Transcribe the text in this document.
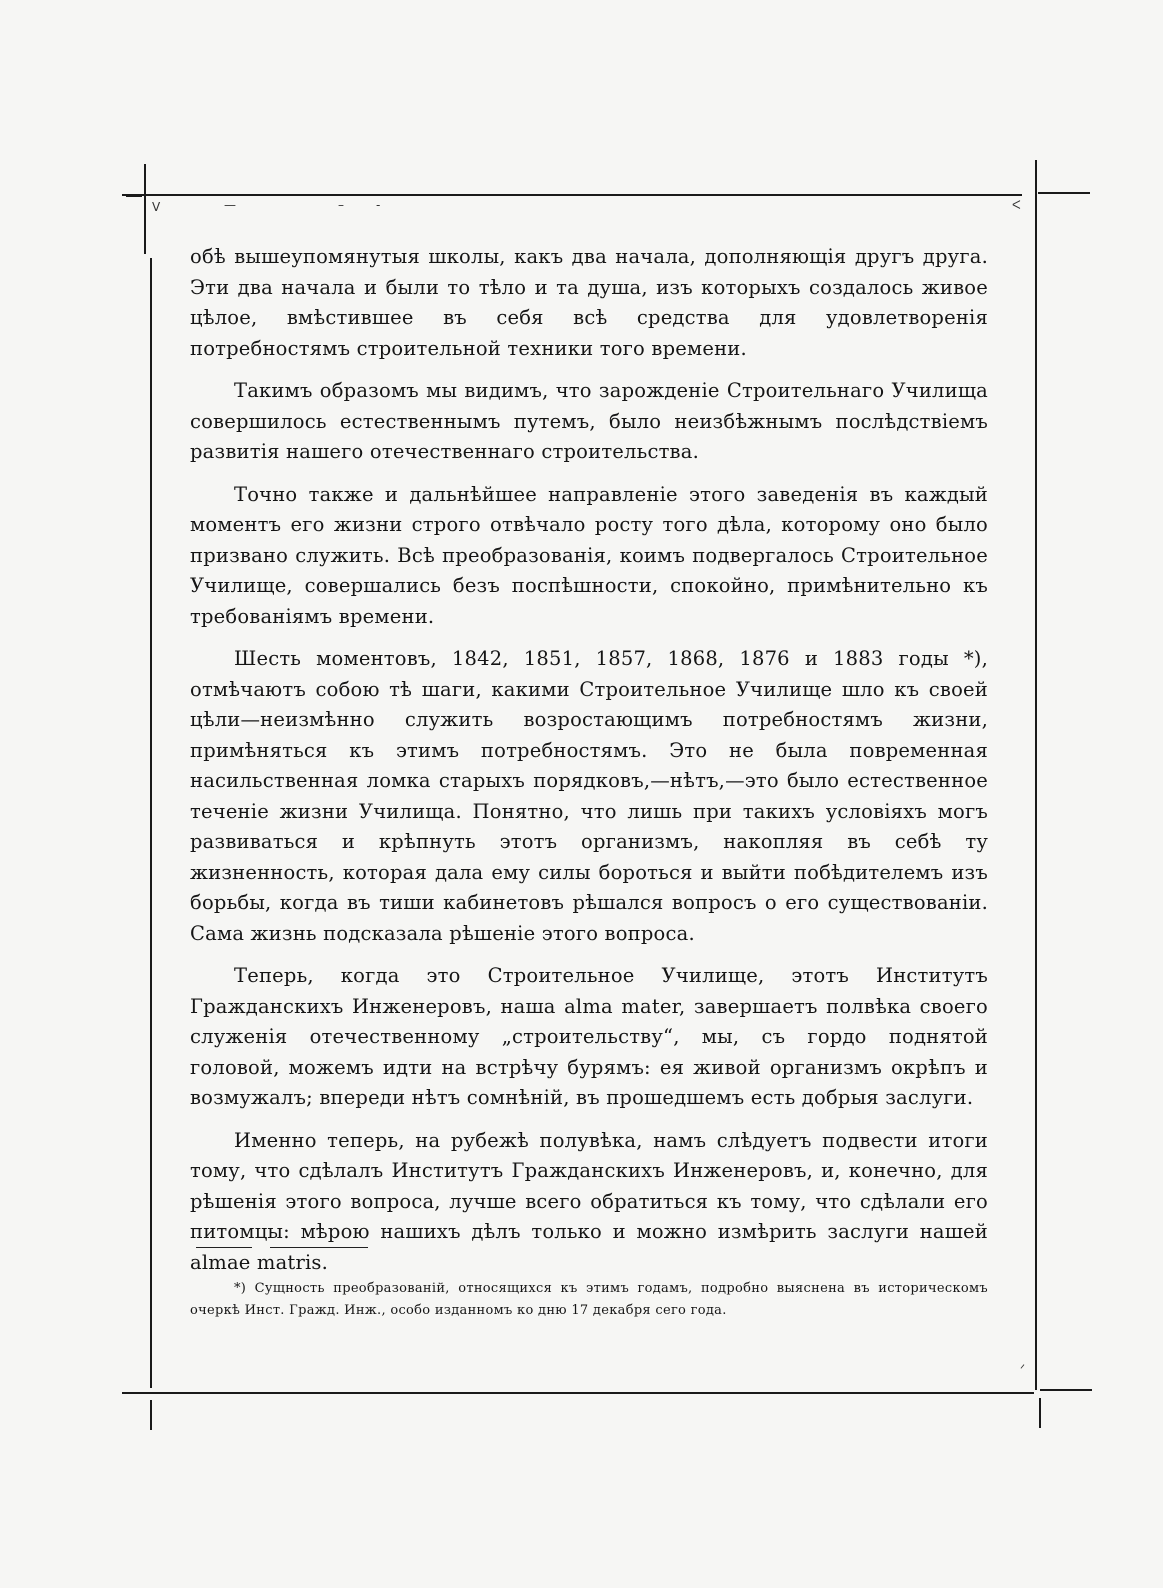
ᐯ	—	–	-	ᐸ
ᐟ

обѣ вышеупомянутыя школы, какъ два начала, дополняющія другъ друга. Эти два начала и были то тѣло и та душа, изъ которыхъ создалось живое цѣлое, вмѣстившее въ себя всѣ средства для удовлетворенія потребностямъ строительной техники того времени.

Такимъ образомъ мы видимъ, что зарожденіе Строительнаго Училища совершилось естественнымъ путемъ, было неизбѣжнымъ послѣдствіемъ развитія нашего отечественнаго строительства.

Точно также и дальнѣйшее направленіе этого заведенія въ каждый моментъ его жизни строго отвѣчало росту того дѣла, которому оно было призвано служить. Всѣ преобразованія, коимъ подвергалось Строительное Училище, совершались безъ поспѣшности, спокойно, примѣнительно къ требованіямъ времени.

Шесть моментовъ, 1842, 1851, 1857, 1868, 1876 и 1883 годы *), отмѣчаютъ собою тѣ шаги, какими Строительное Училище шло къ своей цѣли—неизмѣнно служить возростающимъ потребностямъ жизни, примѣняться къ этимъ потребностямъ. Это не была повременная насильственная ломка старыхъ порядковъ,—нѣтъ,—это было естественное теченіе жизни Училища. Понятно, что лишь при такихъ условіяхъ могъ развиваться и крѣпнуть этотъ организмъ, накопляя въ себѣ ту жизненность, которая дала ему силы бороться и выйти побѣдителемъ изъ борьбы, когда въ тиши кабинетовъ рѣшался вопросъ о его существованіи. Сама жизнь подсказала рѣшеніе этого вопроса.

Теперь, когда это Строительное Училище, этотъ Институтъ Гражданскихъ Инженеровъ, наша alma mater, завершаетъ полвѣка своего служенія отечественному „строительству“, мы, съ гордо поднятой головой, можемъ идти на встрѣчу бурямъ: ея живой организмъ окрѣпъ и возмужалъ; впереди нѣтъ сомнѣній, въ прошедшемъ есть добрыя заслуги.

Именно теперь, на рубежѣ полувѣка, намъ слѣдуетъ подвести итоги тому, что сдѣлалъ Институтъ Гражданскихъ Инженеровъ, и, конечно, для рѣшенія этого вопроса, лучше всего обратиться къ тому, что сдѣлали его питомцы: мѣрою нашихъ дѣлъ только и можно измѣрить заслуги нашей almae matris.

*) Сущность преобразованій, относящихся къ этимъ годамъ, подробно выяснена въ историческомъ очеркѣ Инст. Гражд. Инж., особо изданномъ ко дню 17 декабря сего года.
